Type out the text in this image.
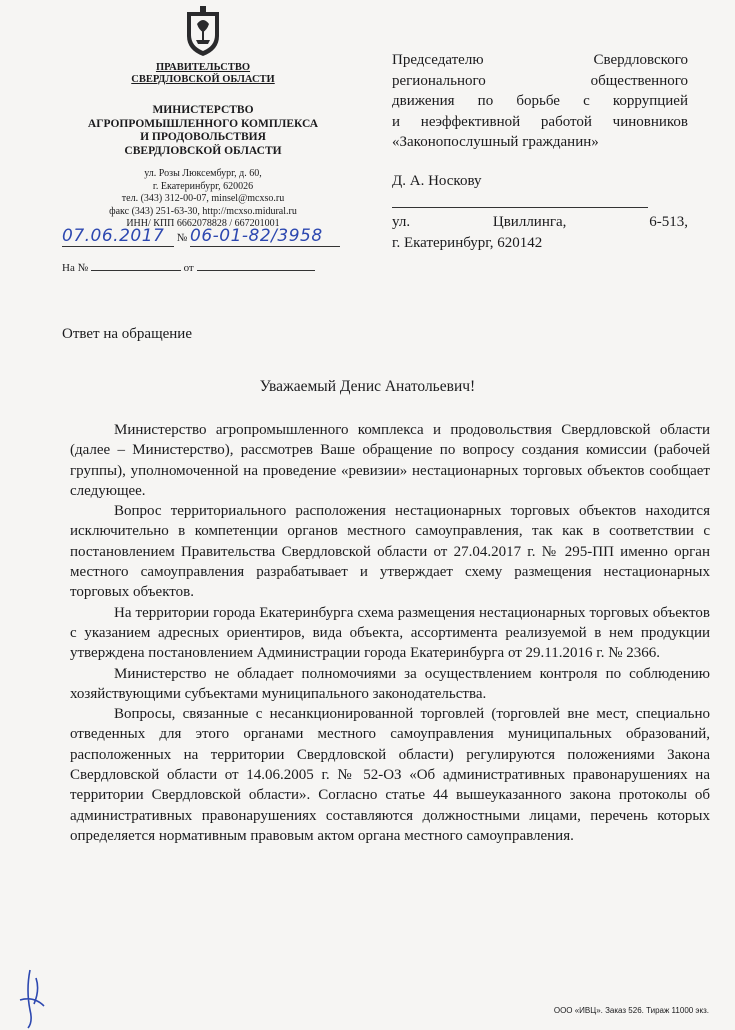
ПРАВИТЕЛЬСТВО
СВЕРДЛОВСКОЙ ОБЛАСТИ
МИНИСТЕРСТВО
АГРОПРОМЫШЛЕННОГО КОМПЛЕКСА
И ПРОДОВОЛЬСТВИЯ
СВЕРДЛОВСКОЙ ОБЛАСТИ
ул. Розы Люксембург, д. 60,
г. Екатеринбург, 620026
тел. (343) 312-00-07, minsel@mcxso.ru
факс (343) 251-63-30, http://mcxso.midural.ru
ИНН/ КПП 6662078828 / 667201001
07.06.2017 № 06-01-82/3958
На №	от

Председателю Свердловского

регионального общественного

движения по борьбе с коррупцией

и неэффективной работой чиновников

«Законопослушный гражданин»

Д. А. Носкову

ул.	Цвиллинга,	6-513,

г. Екатеринбург, 620142

Ответ на обращение
Уважаемый Денис Анатольевич!

Министерство агропромышленного комплекса и продовольствия Свердловской области (далее – Министерство), рассмотрев Ваше обращение по вопросу создания комиссии (рабочей группы), уполномоченной на проведение «ревизии» нестационарных торговых объектов сообщает следующее.

Вопрос территориального расположения нестационарных торговых объектов находится исключительно в компетенции органов местного самоуправления, так как в соответствии с постановлением Правительства Свердловской области от 27.04.2017 г. № 295-ПП именно орган местного самоуправления разрабатывает и утверждает схему размещения нестационарных торговых объектов.

На территории города Екатеринбурга схема размещения нестационарных торговых объектов с указанием адресных ориентиров, вида объекта, ассортимента реализуемой в нем продукции утверждена постановлением Администрации города Екатеринбурга от 29.11.2016 г. № 2366.

Министерство не обладает полномочиями за осуществлением контроля по соблюдению хозяйствующими субъектами муниципального законодательства.

Вопросы, связанные с несанкционированной торговлей (торговлей вне мест, специально отведенных для этого органами местного самоуправления муниципальных образований, расположенных на территории Свердловской области) регулируются положениями Закона Свердловской области от 14.06.2005 г. № 52-ОЗ «Об административных правонарушениях на территории Свердловской области». Согласно статье 44 вышеуказанного закона протоколы об административных правонарушениях составляются должностными лицами, перечень которых определяется нормативным правовым актом органа местного самоуправления.

ООО «ИВЦ». Заказ 526. Тираж 11000 экз.
